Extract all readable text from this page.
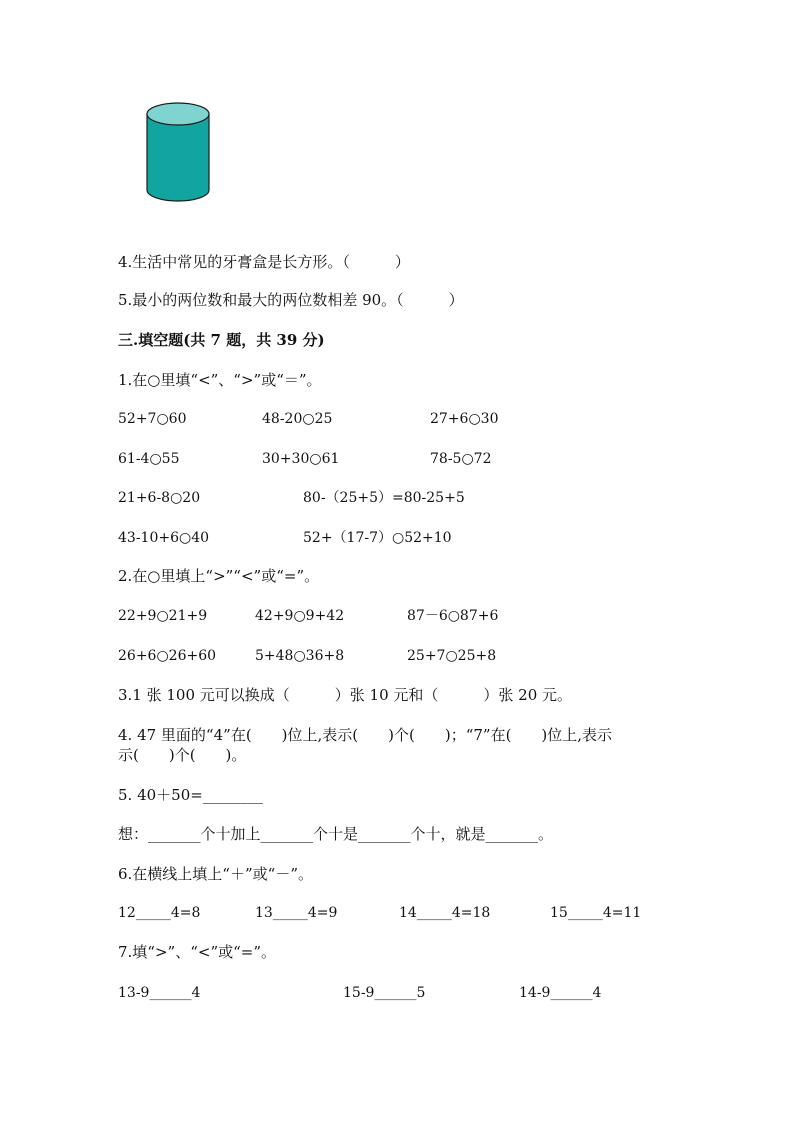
4.生活中常见的牙膏盒是长方形。（　　　）
5.最小的两位数和最大的两位数相差 90。（　　　）
三.填空题(共 7 题，共 39 分)
1.在○里填“<”、“>”或“＝”。
52+7○60	48-20○25	27+6○30
61-4○55	30+30○61	78-5○72
21+6-8○20	80-（25+5）=80-25+5
43-10+6○40	52+（17-7）○52+10
2.在○里填上“>”“<”或“=”。
22+9○21+9	42+9○9+42	87－6○87+6
26+6○26+60	5+48○36+8	25+7○25+8
3.1 张 100 元可以换成（　　　）张 10 元和（　　　）张 20 元。
4. 47 里面的“4”在(　　)位上,表示(　　)个(　　)；“7”在(　　)位上,表示
示(　　)个(　　)。
5. 40＋50=________
想：_______个十加上_______个十是_______个十，就是_______。
6.在横线上填上“＋”或“－”。
12_____4=8	13_____4=9	14_____4=18	15_____4=11
7.填“>”、“<”或“=”。
13-9______4	15-9______5	14-9______4
